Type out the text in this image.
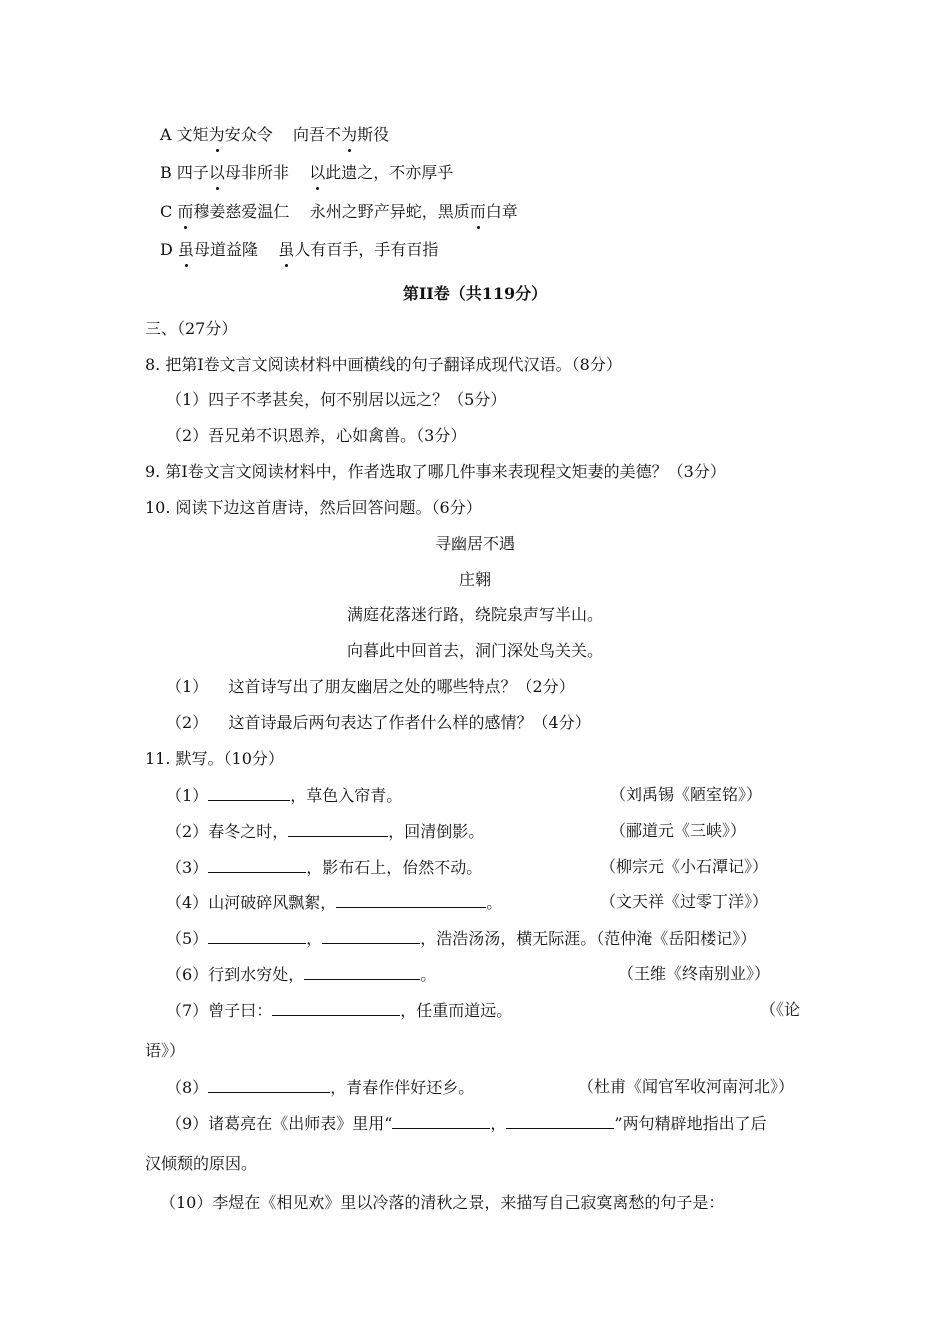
A 文矩为安众令 向吾不为斯役
B 四子以母非所非 以此遗之，不亦厚乎
C 而穆姜慈爱温仁 永州之野产异蛇，黑质而白章
D 虽母道益隆 虽人有百手，手有百指
第II卷（共119分）
三、（27分）
8. 把第I卷文言文阅读材料中画横线的句子翻译成现代汉语。（8分）
（1）四子不孝甚矣，何不别居以远之？（5分）
（2）吾兄弟不识恩养，心如禽兽。（3分）
9. 第I卷文言文阅读材料中，作者选取了哪几件事来表现程文矩妻的美德？（3分）
10. 阅读下边这首唐诗，然后回答问题。（6分）
寻幽居不遇
庄翱
满庭花落迷行路，绕院泉声写半山。
向暮此中回首去，洞门深处鸟关关。
（1） 这首诗写出了朋友幽居之处的哪些特点？（2分）
（2） 这首诗最后两句表达了作者什么样的感情？（4分）
11. 默写。（10分）
（1）	，草色入帘青。	（刘禹锡《陋室铭》）
（2）春冬之时，	，回清倒影。	（郦道元《三峡》）
（3）	，影布石上，佁然不动。	（柳宗元《小石潭记》）
（4）山河破碎风飘絮，	。	（文天祥《过零丁洋》）
（5）	，	，浩浩汤汤，横无际涯。（范仲淹《岳阳楼记》）
（6）行到水穷处，	。	（王维《终南别业》）
（7）曾子曰：	，任重而道远。	（《论
语》）
（8）	，青春作伴好还乡。	（杜甫《闻官军收河南河北》）
（9）诸葛亮在《出师表》里用“	，	”两句精辟地指出了后
汉倾颓的原因。
（10）李煜在《相见欢》里以冷落的清秋之景，来描写自己寂寞离愁的句子是：
